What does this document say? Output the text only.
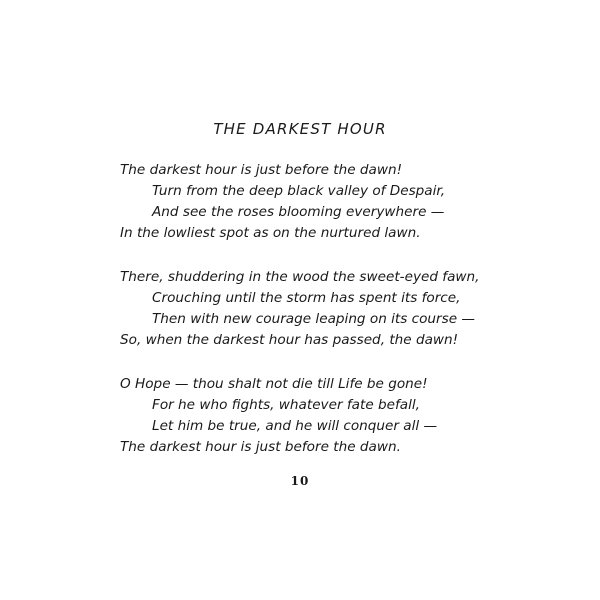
THE DARKEST HOUR
The darkest hour is just before the dawn!
Turn from the deep black valley of Despair,
And see the roses blooming everywhere —
In the lowliest spot as on the nurtured lawn.
There, shuddering in the wood the sweet-eyed fawn,
Crouching until the storm has spent its force,
Then with new courage leaping on its course —
So, when the darkest hour has passed, the dawn!
O Hope — thou shalt not die till Life be gone!
For he who fights, whatever fate befall,
Let him be true, and he will conquer all —
The darkest hour is just before the dawn.
10
